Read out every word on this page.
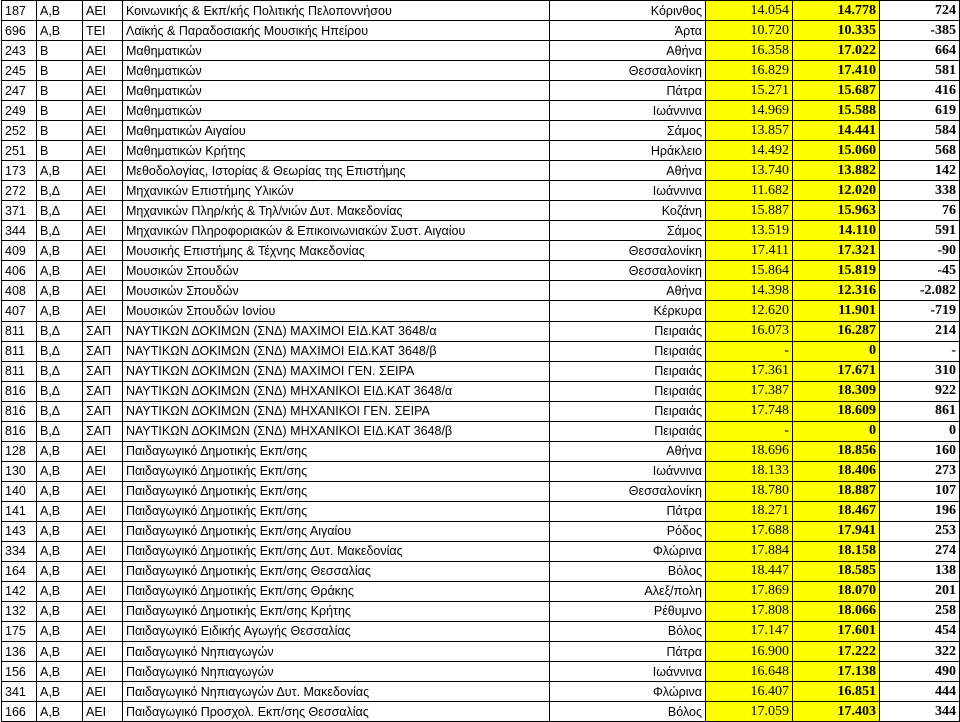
187	Α,Β	ΑΕΙ	Κοινωνικής & Εκπ/κής Πολιτικής Πελοποννήσου	Κόρινθος	14.054	14.778	724
696	Α,Β	ΤΕΙ	Λαϊκής & Παραδοσιακής Μουσικής Ηπείρου	Άρτα	10.720	10.335	-385
243	Β	ΑΕΙ	Μαθηματικών	Αθήνα	16.358	17.022	664
245	Β	ΑΕΙ	Μαθηματικών	Θεσσαλονίκη	16.829	17.410	581
247	Β	ΑΕΙ	Μαθηματικών	Πάτρα	15.271	15.687	416
249	Β	ΑΕΙ	Μαθηματικών	Ιωάννινα	14.969	15.588	619
252	Β	ΑΕΙ	Μαθηματικών Αιγαίου	Σάμος	13.857	14.441	584
251	Β	ΑΕΙ	Μαθηματικών Κρήτης	Ηράκλειο	14.492	15.060	568
173	Α,Β	ΑΕΙ	Μεθοδολογίας, Ιστορίας & Θεωρίας της Επιστήμης	Αθήνα	13.740	13.882	142
272	Β,Δ	ΑΕΙ	Μηχανικών Επιστήμης Υλικών	Ιωάννινα	11.682	12.020	338
371	Β,Δ	ΑΕΙ	Μηχανικών Πληρ/κής & Τηλ/νιών Δυτ. Μακεδονίας	Κοζάνη	15.887	15.963	76
344	Β,Δ	ΑΕΙ	Μηχανικών Πληροφοριακών & Επικοινωνιακών Συστ. Αιγαίου	Σάμος	13.519	14.110	591
409	Α,Β	ΑΕΙ	Μουσικής Επιστήμης & Τέχνης Μακεδονίας	Θεσσαλονίκη	17.411	17.321	-90
406	Α,Β	ΑΕΙ	Μουσικών Σπουδών	Θεσσαλονίκη	15.864	15.819	-45
408	Α,Β	ΑΕΙ	Μουσικών Σπουδών	Αθήνα	14.398	12.316	-2.082
407	Α,Β	ΑΕΙ	Μουσικών Σπουδών Ιονίου	Κέρκυρα	12.620	11.901	-719
811	Β,Δ	ΣΑΠ	ΝΑΥΤΙΚΩΝ ΔΟΚΙΜΩΝ (ΣΝΔ) ΜΑΧΙΜΟΙ ΕΙΔ.ΚΑΤ 3648/α	Πειραιάς	16.073	16.287	214
811	Β,Δ	ΣΑΠ	ΝΑΥΤΙΚΩΝ ΔΟΚΙΜΩΝ (ΣΝΔ) ΜΑΧΙΜΟΙ ΕΙΔ.ΚΑΤ 3648/β	Πειραιάς	-	0	-
811	Β,Δ	ΣΑΠ	ΝΑΥΤΙΚΩΝ ΔΟΚΙΜΩΝ (ΣΝΔ) ΜΑΧΙΜΟΙ ΓΕΝ. ΣΕΙΡΑ	Πειραιάς	17.361	17.671	310
816	Β,Δ	ΣΑΠ	ΝΑΥΤΙΚΩΝ ΔΟΚΙΜΩΝ (ΣΝΔ) ΜΗΧΑΝΙΚΟΙ ΕΙΔ.ΚΑΤ 3648/α	Πειραιάς	17.387	18.309	922
816	Β,Δ	ΣΑΠ	ΝΑΥΤΙΚΩΝ ΔΟΚΙΜΩΝ (ΣΝΔ) ΜΗΧΑΝΙΚΟΙ ΓΕΝ. ΣΕΙΡΑ	Πειραιάς	17.748	18.609	861
816	Β,Δ	ΣΑΠ	ΝΑΥΤΙΚΩΝ ΔΟΚΙΜΩΝ (ΣΝΔ) ΜΗΧΑΝΙΚΟΙ ΕΙΔ.ΚΑΤ 3648/β	Πειραιάς	-	0	0
128	Α,Β	ΑΕΙ	Παιδαγωγικό Δημοτικής Εκπ/σης	Αθήνα	18.696	18.856	160
130	Α,Β	ΑΕΙ	Παιδαγωγικό Δημοτικής Εκπ/σης	Ιωάννινα	18.133	18.406	273
140	Α,Β	ΑΕΙ	Παιδαγωγικό Δημοτικής Εκπ/σης	Θεσσαλονίκη	18.780	18.887	107
141	Α,Β	ΑΕΙ	Παιδαγωγικό Δημοτικής Εκπ/σης	Πάτρα	18.271	18.467	196
143	Α,Β	ΑΕΙ	Παιδαγωγικό Δημοτικής Εκπ/σης Αιγαίου	Ρόδος	17.688	17.941	253
334	Α,Β	ΑΕΙ	Παιδαγωγικό Δημοτικής Εκπ/σης Δυτ. Μακεδονίας	Φλώρινα	17.884	18.158	274
164	Α,Β	ΑΕΙ	Παιδαγωγικό Δημοτικής Εκπ/σης Θεσσαλίας	Βόλος	18.447	18.585	138
142	Α,Β	ΑΕΙ	Παιδαγωγικό Δημοτικής Εκπ/σης Θράκης	Αλεξ/πολη	17.869	18.070	201
132	Α,Β	ΑΕΙ	Παιδαγωγικό Δημοτικής Εκπ/σης Κρήτης	Ρέθυμνο	17.808	18.066	258
175	Α,Β	ΑΕΙ	Παιδαγωγικό Ειδικής Αγωγής Θεσσαλίας	Βόλος	17.147	17.601	454
136	Α,Β	ΑΕΙ	Παιδαγωγικό Νηπιαγωγών	Πάτρα	16.900	17.222	322
156	Α,Β	ΑΕΙ	Παιδαγωγικό Νηπιαγωγών	Ιωάννινα	16.648	17.138	490
341	Α,Β	ΑΕΙ	Παιδαγωγικό Νηπιαγωγών Δυτ. Μακεδονίας	Φλώρινα	16.407	16.851	444
166	Α,Β	ΑΕΙ	Παιδαγωγικό Προσχολ. Εκπ/σης Θεσσαλίας	Βόλος	17.059	17.403	344
